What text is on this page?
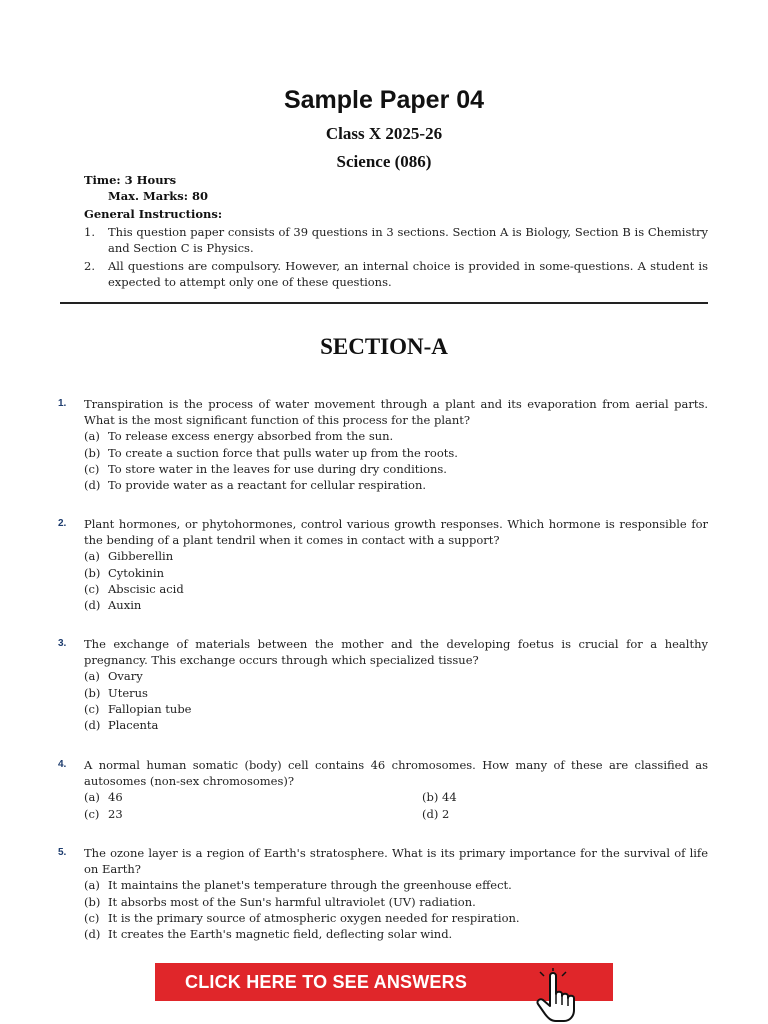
Sample Paper 04
Class X 2025-26
Science (086)
Time: 3 Hours
Max. Marks: 80
General Instructions:
1. This question paper consists of 39 questions in 3 sections. Section A is Biology, Section B is Chemistry and Section C is Physics.
2. All questions are compulsory. However, an internal choice is provided in some-questions. A student is expected to attempt only one of these questions.
SECTION-A
1. Transpiration is the process of water movement through a plant and its evaporation from aerial parts. What is the most significant function of this process for the plant?
(a) To release excess energy absorbed from the sun.
(b) To create a suction force that pulls water up from the roots.
(c) To store water in the leaves for use during dry conditions.
(d) To provide water as a reactant for cellular respiration.
2. Plant hormones, or phytohormones, control various growth responses. Which hormone is responsible for the bending of a plant tendril when it comes in contact with a support?
(a) Gibberellin
(b) Cytokinin
(c) Abscisic acid
(d) Auxin
3. The exchange of materials between the mother and the developing foetus is crucial for a healthy pregnancy. This exchange occurs through which specialized tissue?
(a) Ovary
(b) Uterus
(c) Fallopian tube
(d) Placenta
4. A normal human somatic (body) cell contains 46 chromosomes. How many of these are classified as autosomes (non-sex chromosomes)?
(a) 46	(b) 44
(c) 23	(d) 2
5. The ozone layer is a region of Earth's stratosphere. What is its primary importance for the survival of life on Earth?
(a) It maintains the planet's temperature through the greenhouse effect.
(b) It absorbs most of the Sun's harmful ultraviolet (UV) radiation.
(c) It is the primary source of atmospheric oxygen needed for respiration.
(d) It creates the Earth's magnetic field, deflecting solar wind.
CLICK HERE TO SEE ANSWERS
